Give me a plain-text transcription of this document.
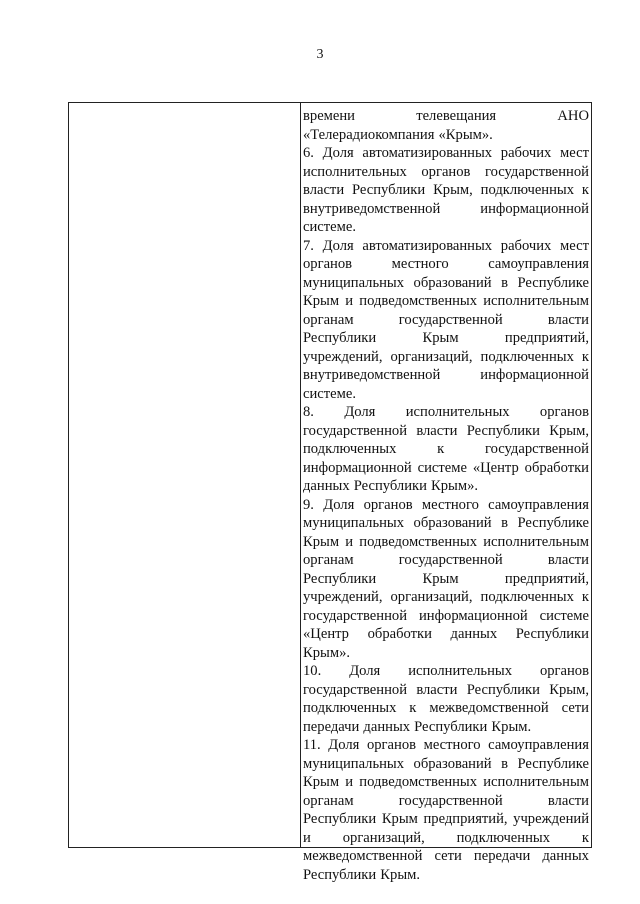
3
времени	телевещания	АНО
«Телерадиокомпания «Крым».
6. Доля автоматизированных рабочих мест
исполнительных органов государственной
власти Республики Крым, подключенных к
внутриведомственной	информационной
системе.
7. Доля автоматизированных рабочих мест
органов	местного	самоуправления
муниципальных образований в Республике
Крым и подведомственных исполнительным
органам	государственной	власти
Республики	Крым	предприятий,
учреждений, организаций, подключенных к
внутриведомственной	информационной
системе.
8. Доля исполнительных органов
государственной власти Республики Крым,
подключенных	к	государственной
информационной системе «Центр обработки
данных Республики Крым».
9. Доля органов местного самоуправления
муниципальных образований в Республике
Крым и подведомственных исполнительным
органам	государственной	власти
Республики	Крым	предприятий,
учреждений, организаций, подключенных к
государственной информационной системе
«Центр обработки данных Республики
Крым».
10. Доля исполнительных органов
государственной власти Республики Крым,
подключенных к межведомственной сети
передачи данных Республики Крым.
11. Доля органов местного самоуправления
муниципальных образований в Республике
Крым и подведомственных исполнительным
органам	государственной	власти
Республики Крым предприятий, учреждений
и организаций, подключенных к
межведомственной сети передачи данных
Республики Крым.
